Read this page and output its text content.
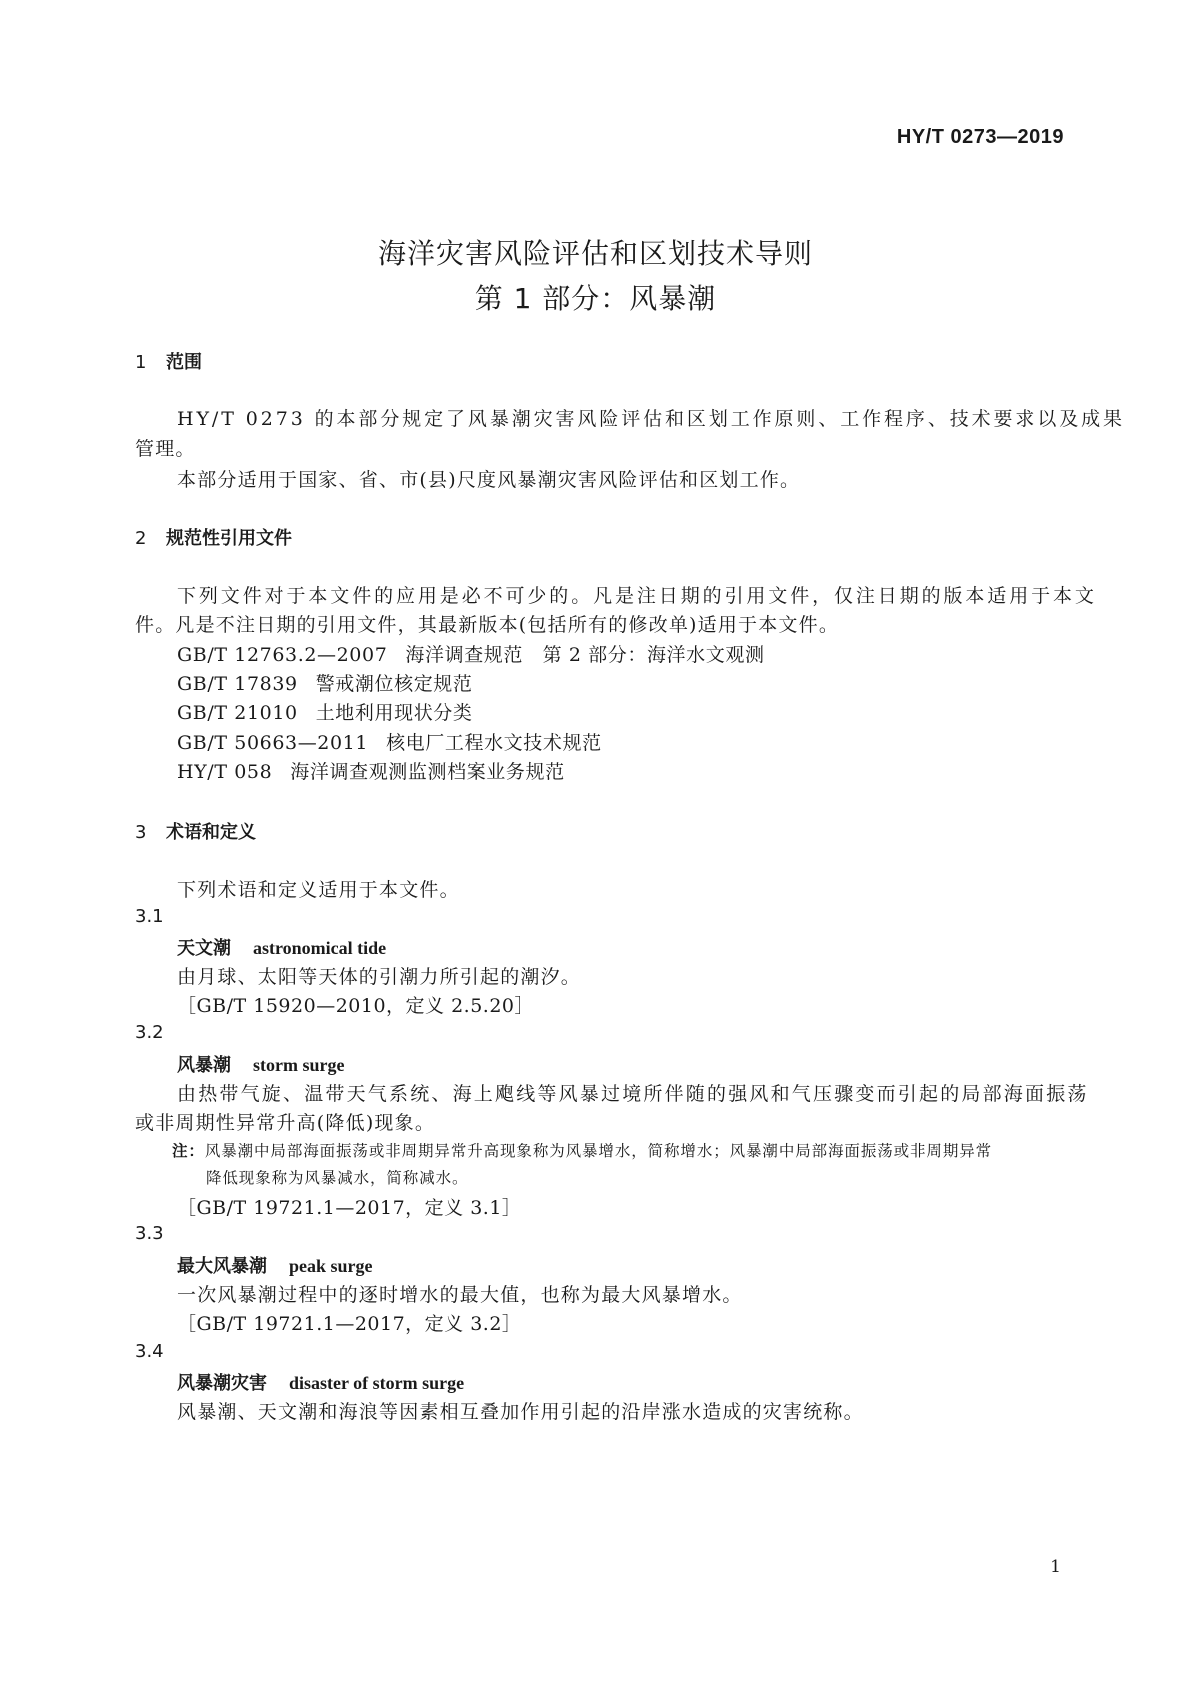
HY/T 0273—2019
海洋灾害风险评估和区划技术导则
第 1 部分：风暴潮
1 范围
HY/T 0273 的本部分规定了风暴潮灾害风险评估和区划工作原则、工作程序、技术要求以及成果
管理。
本部分适用于国家、省、市(县)尺度风暴潮灾害风险评估和区划工作。
2 规范性引用文件
下列文件对于本文件的应用是必不可少的。凡是注日期的引用文件，仅注日期的版本适用于本文
件。凡是不注日期的引用文件，其最新版本(包括所有的修改单)适用于本文件。
GB/T 12763.2—2007 海洋调查规范　第 2 部分：海洋水文观测
GB/T 17839 警戒潮位核定规范
GB/T 21010 土地利用现状分类
GB/T 50663—2011 核电厂工程水文技术规范
HY/T 058 海洋调查观测监测档案业务规范
3 术语和定义
下列术语和定义适用于本文件。
3.1
天文潮 astronomical tide
由月球、太阳等天体的引潮力所引起的潮汐。
［GB/T 15920—2010，定义 2.5.20］
3.2
风暴潮 storm surge
由热带气旋、温带天气系统、海上飑线等风暴过境所伴随的强风和气压骤变而引起的局部海面振荡
或非周期性异常升高(降低)现象。
注：风暴潮中局部海面振荡或非周期异常升高现象称为风暴增水，简称增水；风暴潮中局部海面振荡或非周期异常
降低现象称为风暴减水，简称减水。
［GB/T 19721.1—2017，定义 3.1］
3.3
最大风暴潮 peak surge
一次风暴潮过程中的逐时增水的最大值，也称为最大风暴增水。
［GB/T 19721.1—2017，定义 3.2］
3.4
风暴潮灾害 disaster of storm surge
风暴潮、天文潮和海浪等因素相互叠加作用引起的沿岸涨水造成的灾害统称。
1
